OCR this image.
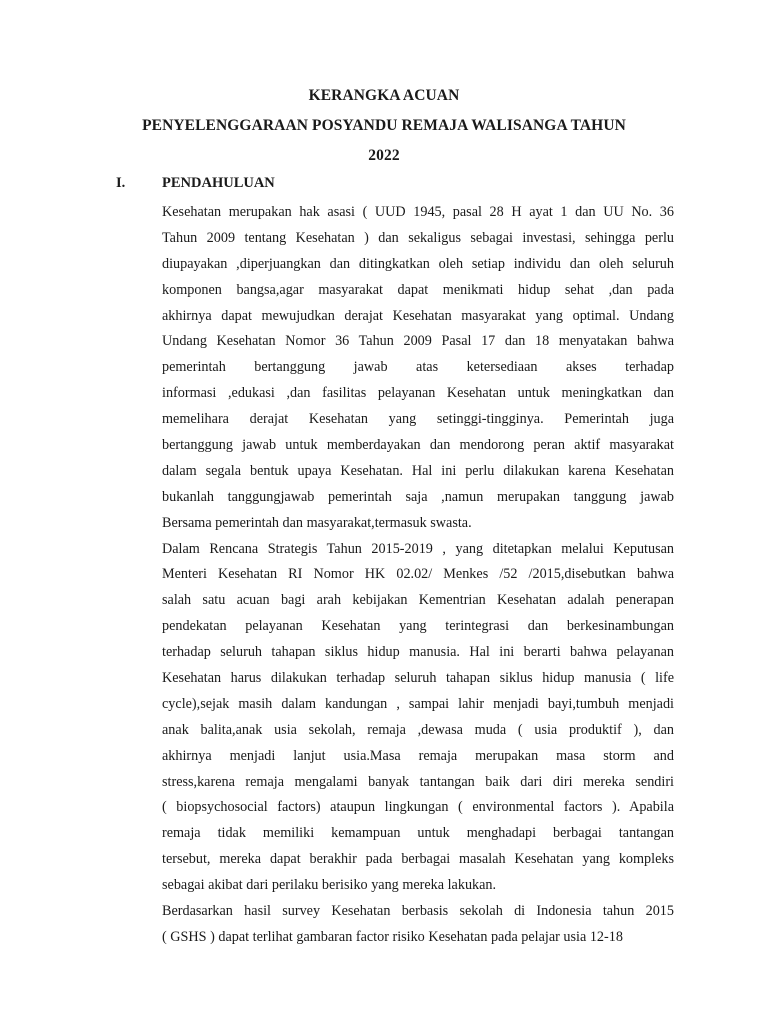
KERANGKA ACUAN
PENYELENGGARAAN POSYANDU REMAJA WALISANGA TAHUN
2022
I.	PENDAHULUAN
Kesehatan merupakan hak asasi ( UUD 1945, pasal 28 H ayat 1 dan UU No. 36
Tahun 2009 tentang Kesehatan ) dan sekaligus sebagai investasi, sehingga perlu
diupayakan ,diperjuangkan dan ditingkatkan oleh setiap individu dan oleh seluruh
komponen bangsa,agar masyarakat dapat menikmati hidup sehat ,dan pada
akhirnya dapat mewujudkan derajat Kesehatan masyarakat yang optimal. Undang
Undang Kesehatan Nomor 36 Tahun 2009 Pasal 17 dan 18 menyatakan bahwa
pemerintah bertanggung jawab atas ketersediaan akses terhadap
informasi ,edukasi ,dan fasilitas pelayanan Kesehatan untuk meningkatkan dan
memelihara derajat Kesehatan yang setinggi-tingginya. Pemerintah juga
bertanggung jawab untuk memberdayakan dan mendorong peran aktif masyarakat
dalam segala bentuk upaya Kesehatan. Hal ini perlu dilakukan karena Kesehatan
bukanlah tanggungjawab pemerintah saja ,namun merupakan tanggung jawab
Bersama pemerintah dan masyarakat,termasuk swasta.
Dalam Rencana Strategis Tahun 2015-2019 , yang ditetapkan melalui Keputusan
Menteri Kesehatan RI Nomor HK 02.02/ Menkes /52 /2015,disebutkan bahwa
salah satu acuan bagi arah kebijakan Kementrian Kesehatan adalah penerapan
pendekatan pelayanan Kesehatan yang terintegrasi dan berkesinambungan
terhadap seluruh tahapan siklus hidup manusia. Hal ini berarti bahwa pelayanan
Kesehatan harus dilakukan terhadap seluruh tahapan siklus hidup manusia ( life
cycle),sejak masih dalam kandungan , sampai lahir menjadi bayi,tumbuh menjadi
anak balita,anak usia sekolah, remaja ,dewasa muda ( usia produktif ), dan
akhirnya menjadi lanjut usia.Masa remaja merupakan masa storm and
stress,karena remaja mengalami banyak tantangan baik dari diri mereka sendiri
( biopsychosocial factors) ataupun lingkungan ( environmental factors ). Apabila
remaja tidak memiliki kemampuan untuk menghadapi berbagai tantangan
tersebut, mereka dapat berakhir pada berbagai masalah Kesehatan yang kompleks
sebagai akibat dari perilaku berisiko yang mereka lakukan.
Berdasarkan hasil survey Kesehatan berbasis sekolah di Indonesia tahun 2015
( GSHS ) dapat terlihat gambaran factor risiko Kesehatan pada pelajar usia 12-18
